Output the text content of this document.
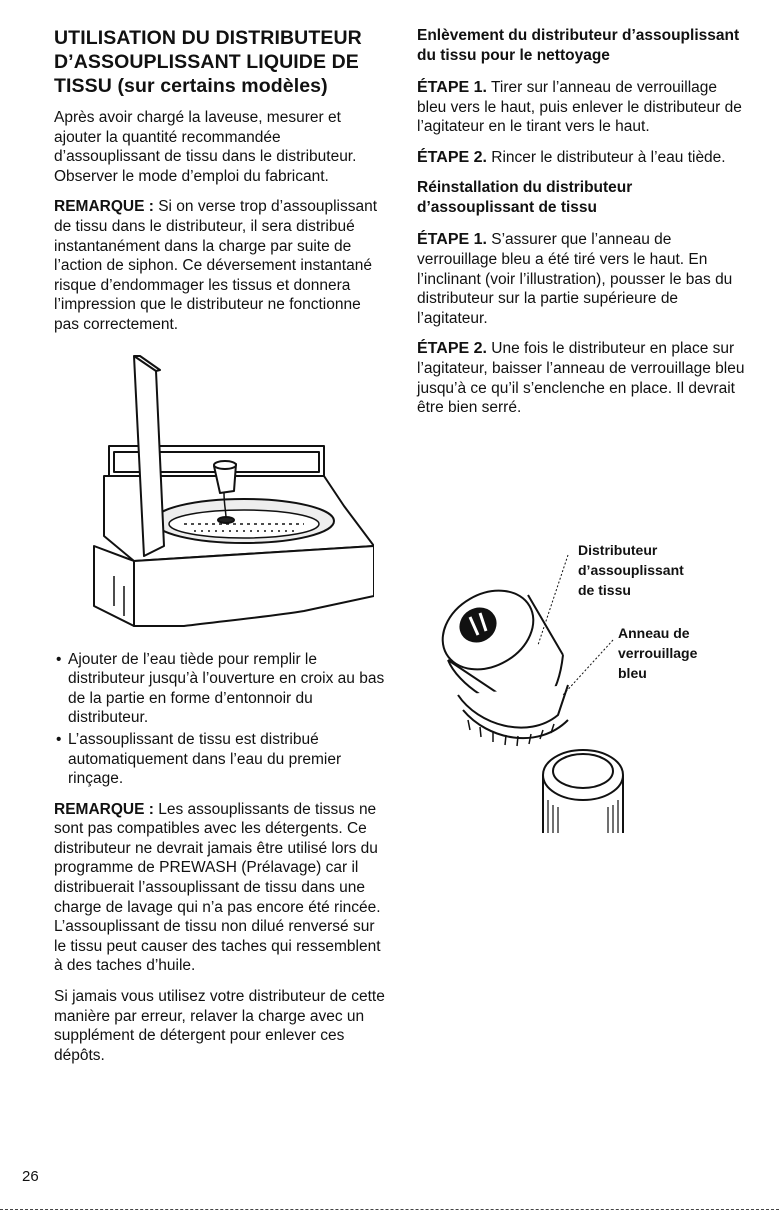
UTILISATION DU DISTRIBUTEUR D’ASSOUPLISSANT LIQUIDE DE TISSU (sur certains modèles)

Après avoir chargé la laveuse, mesurer et ajouter la quantité recommandée d’assouplissant de tissu dans le distributeur. Observer le mode d’emploi du fabricant.

REMARQUE : Si on verse trop d’assouplissant de tissu dans le distributeur, il sera distribué instantanément dans la charge par suite de l’action de siphon. Ce déversement instantané risque d’endommager les tissus et donnera l’impression que le distributeur ne fonctionne pas correctement.

• Ajouter de l’eau tiède pour remplir le distributeur jusqu’à l’ouverture en croix au bas de la partie en forme d’entonnoir du distributeur.
• L’assouplissant de tissu est distribué automatiquement dans l’eau du premier rinçage.

REMARQUE : Les assouplissants de tissus ne sont pas compatibles avec les détergents. Ce distributeur ne devrait jamais être utilisé lors du programme de PREWASH (Prélavage) car il distribuerait l’assouplissant de tissu dans une charge de lavage qui n’a pas encore été rincée. L’assouplissant de tissu non dilué renversé sur le tissu peut causer des taches qui ressemblent à des taches d’huile.

Si jamais vous utilisez votre distributeur de cette manière par erreur, relaver la charge avec un supplément de détergent pour enlever ces dépôts.

Enlèvement du distributeur d’assouplissant du tissu pour le nettoyage

ÉTAPE 1. Tirer sur l’anneau de verrouillage bleu vers le haut, puis enlever le distributeur de l’agitateur en le tirant vers le haut.

ÉTAPE 2. Rincer le distributeur à l’eau tiède.

Réinstallation du distributeur d’assouplissant de tissu

ÉTAPE 1. S’assurer que l’anneau de verrouillage bleu a été tiré vers le haut. En l’inclinant (voir l’illustration), pousser le bas du distributeur sur la partie supérieure de l’agitateur.

ÉTAPE 2. Une fois le distributeur en place sur l’agitateur, baisser l’anneau de verrouillage bleu jusqu’à ce qu’il s’enclenche en place. Il devrait être bien serré.

Distributeur d’assouplissant de tissu
Anneau de verrouillage bleu
26
